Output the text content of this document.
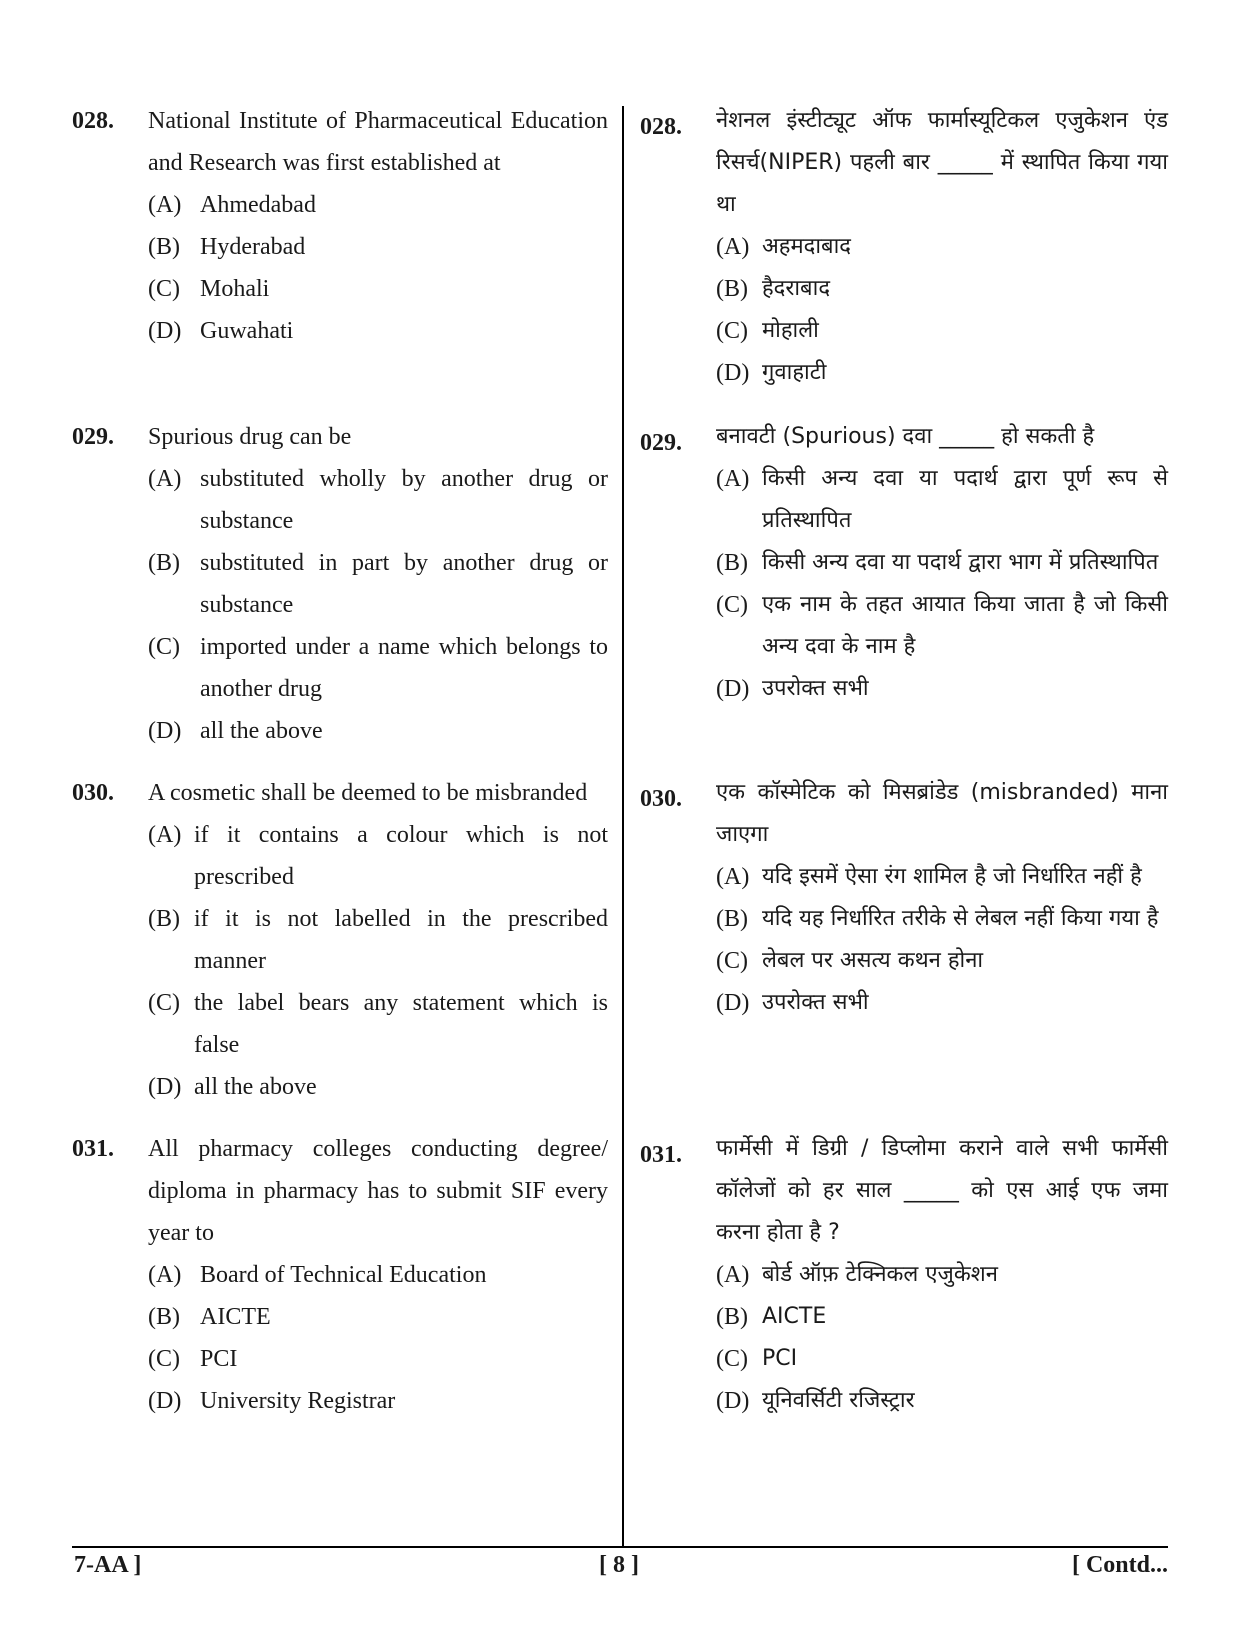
028.	National Institute of Pharmaceutical Education and Research was first established at
(A) Ahmedabad
(B) Hyderabad
(C) Mohali
(D) Guwahati
029.	Spurious drug can be
(A) substituted wholly by another drug or substance
(B) substituted in part by another drug or substance
(C) imported under a name which belongs to another drug
(D) all the above
030.	A cosmetic shall be deemed to be misbranded
(A) if it contains a colour which is not prescribed
(B) if it is not labelled in the prescribed manner
(C) the label bears any statement which is false
(D) all the above
031.	All pharmacy colleges conducting degree/ diploma in pharmacy has to submit SIF every year to
(A) Board of Technical Education
(B) AICTE
(C) PCI
(D) University Registrar
028.	नेशनल इंस्टीट्यूट ऑफ फार्मास्यूटिकल एजुकेशन एंड रिसर्च(NIPER) पहली बार _____ में स्थापित किया गया था
(A) अहमदाबाद
(B) हैदराबाद
(C) मोहाली
(D) गुवाहाटी
029.	बनावटी (Spurious) दवा _____ हो सकती है
(A) किसी अन्य दवा या पदार्थ द्वारा पूर्ण रूप से प्रतिस्थापित
(B) किसी अन्य दवा या पदार्थ द्वारा भाग में प्रतिस्थापित
(C) एक नाम के तहत आयात किया जाता है जो किसी अन्य दवा के नाम है
(D) उपरोक्त सभी
030.	एक कॉस्मेटिक को मिसब्रांडेड (misbranded) माना जाएगा
(A) यदि इसमें ऐसा रंग शामिल है जो निर्धारित नहीं है
(B) यदि यह निर्धारित तरीके से लेबल नहीं किया गया है
(C) लेबल पर असत्य कथन होना
(D) उपरोक्त सभी
031.	फार्मेसी में डिग्री / डिप्लोमा कराने वाले सभी फार्मेसी कॉलेजों को हर साल _____ को एस आई एफ जमा करना होता है ?
(A) बोर्ड ऑफ़ टेक्निकल एजुकेशन
(B) AICTE
(C) PCI
(D) यूनिवर्सिटी रजिस्ट्रार
7-AA ]	[ 8 ]	[ Contd...
